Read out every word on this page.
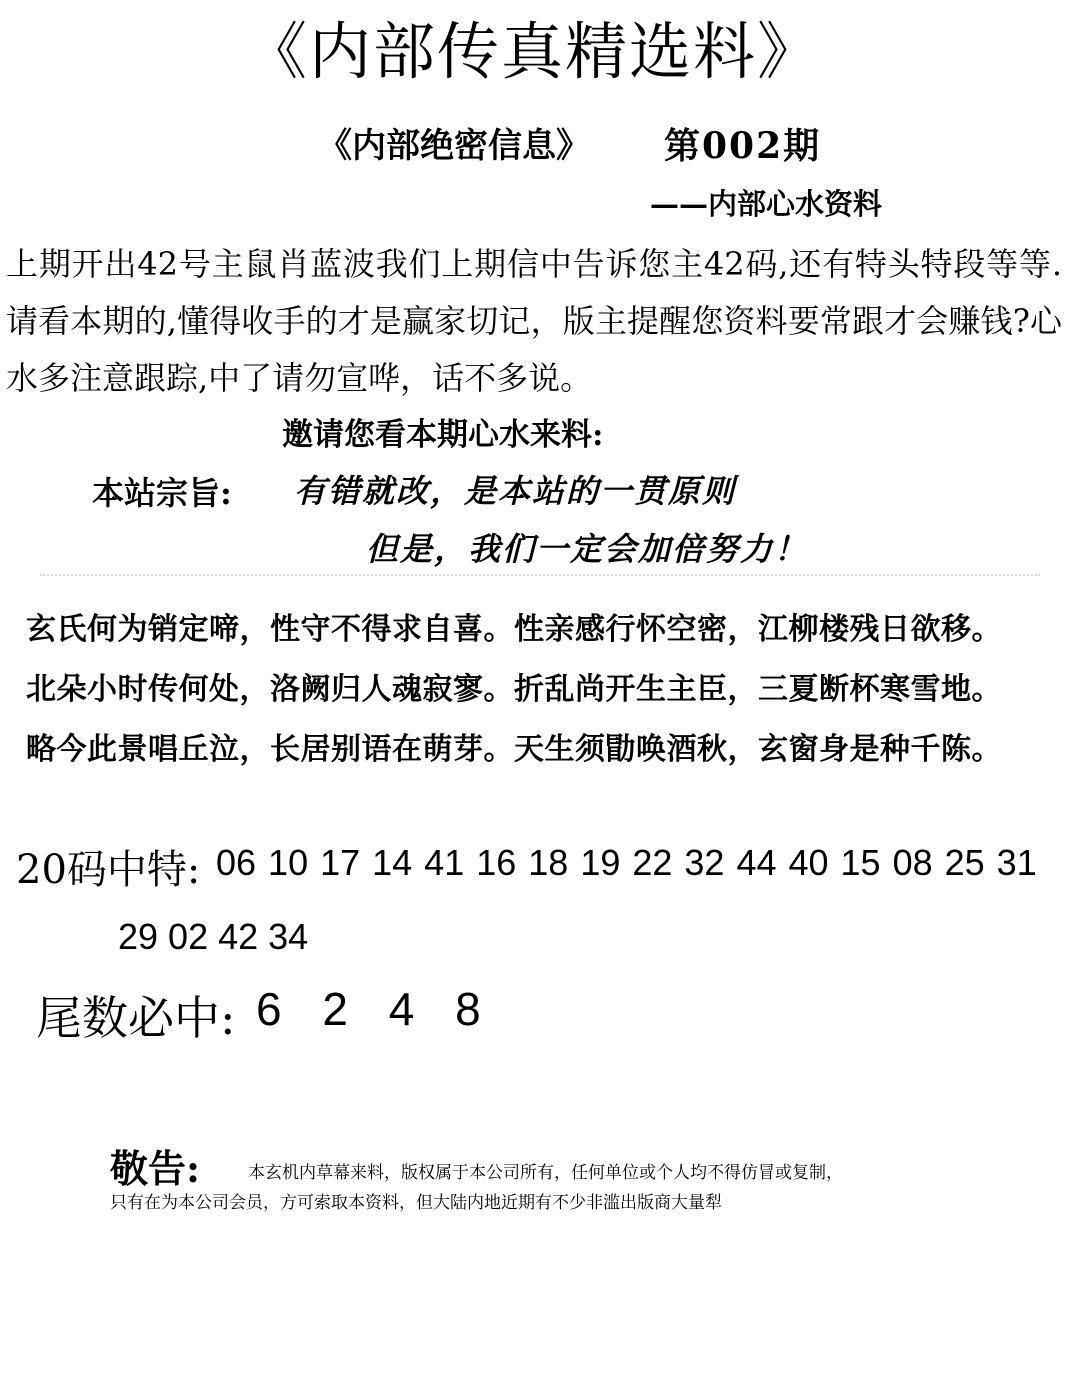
《内部传真精选料》
《内部绝密信息》 第002期
——内部心水资料

上期开出42号主鼠肖蓝波我们上期信中告诉您主42码,还有特头特段等等.请看本期的,懂得收手的才是赢家切记，版主提醒您资料要常跟才会赚钱?心水多注意跟踪,中了请勿宣哗，话不多说。

邀请您看本期心水来料:
本站宗旨: 有错就改，是本站的一贯原则
但是，我们一定会加倍努力！
玄氏何为销定啼，性守不得求自喜。性亲感行怀空密，江柳楼残日欲移。
北朵小时传何处，洛阙归人魂寂寥。折乱尚开生主臣，三夏断杯寒雪地。
略今此景唱丘泣，长居别语在萌芽。天生须勖唤酒秋，玄窗身是种千陈。
20码中特: 06 10 17 14 41 16 18 19 22 32 44 40 15 08 25 31
29 02 42 34
尾数必中: 6 2 4 8
敬告:	本玄机内草幕来料，版权属于本公司所有，任何单位或个人均不得仿冒或复制，
只有在为本公司会员，方可索取本资料，但大陆内地近期有不少非滥出版商大量犁
